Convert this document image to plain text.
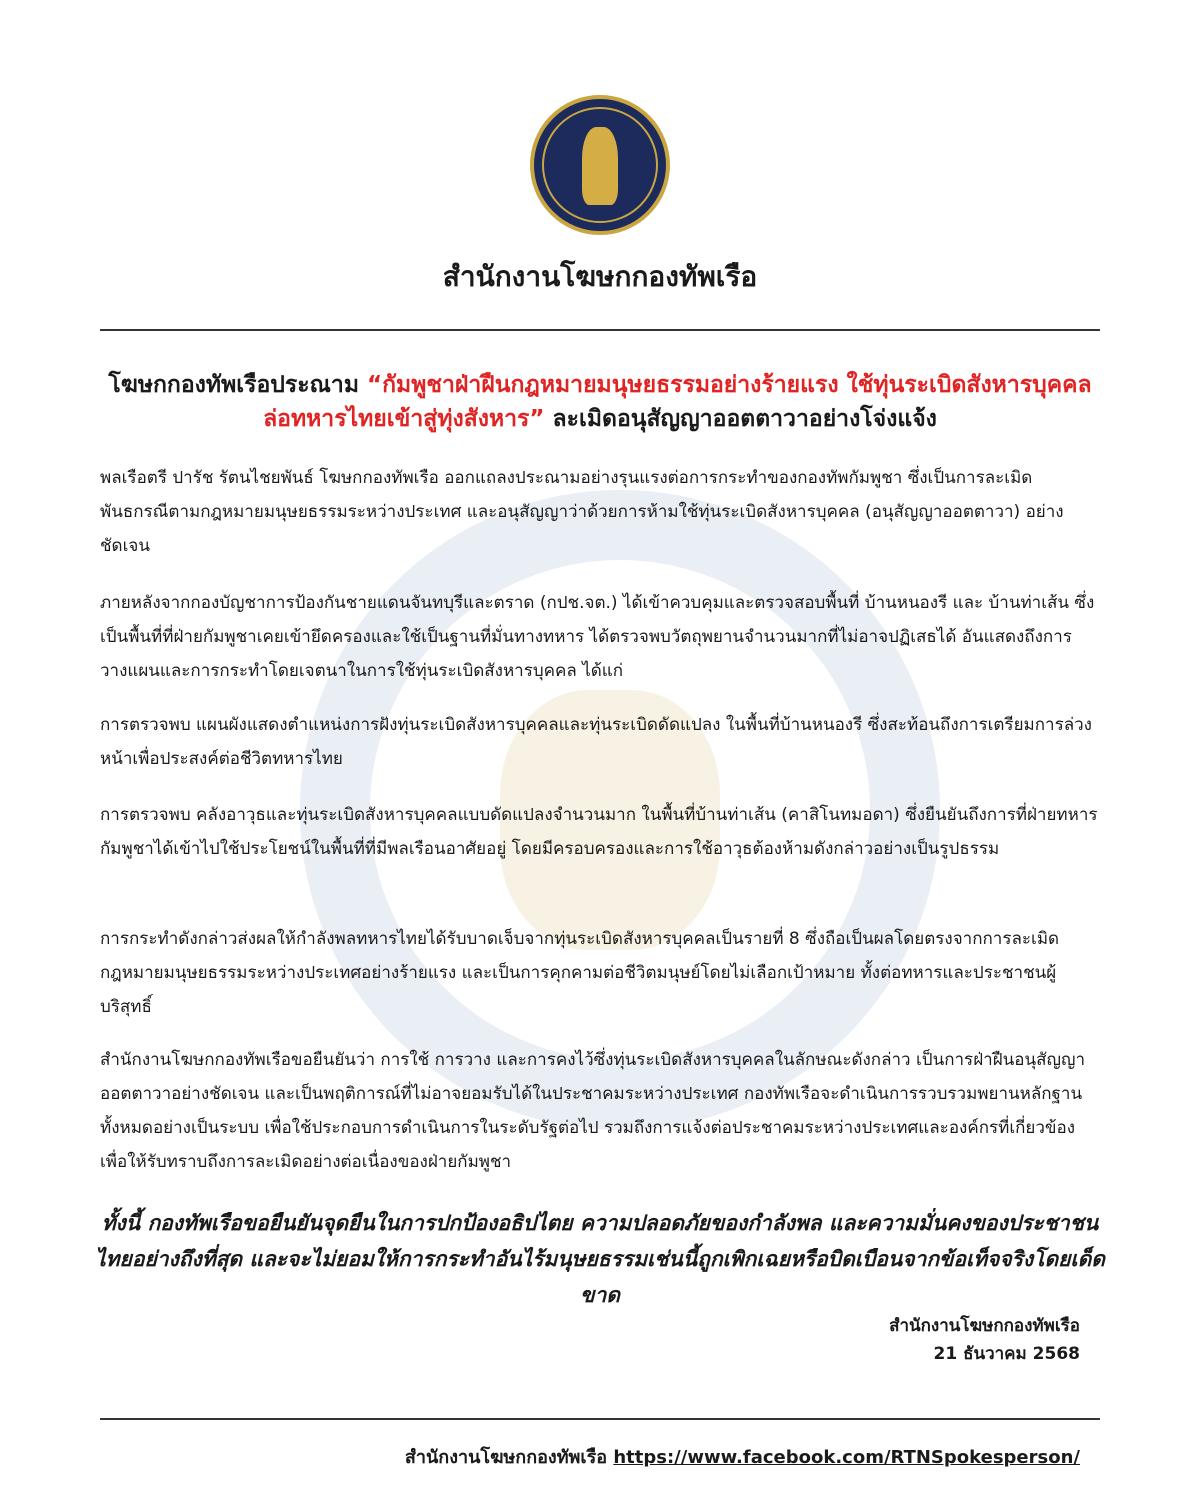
สำนักงานโฆษกกองทัพเรือ
โฆษกกองทัพเรือประณาม “กัมพูชาฝ่าฝืนกฎหมายมนุษยธรรมอย่างร้ายแรง ใช้ทุ่นระเบิดสังหารบุคคล ล่อทหารไทยเข้าสู่ทุ่งสังหาร” ละเมิดอนุสัญญาออตตาวาอย่างโจ่งแจ้ง
พลเรือตรี ปารัช รัตนไชยพันธ์ โฆษกกองทัพเรือ ออกแถลงประณามอย่างรุนแรงต่อการกระทำของกองทัพกัมพูชา ซึ่งเป็นการละเมิดพันธกรณีตามกฎหมายมนุษยธรรมระหว่างประเทศ และอนุสัญญาว่าด้วยการห้ามใช้ทุ่นระเบิดสังหารบุคคล (อนุสัญญาออตตาวา) อย่างชัดเจน
ภายหลังจากกองบัญชาการป้องกันชายแดนจันทบุรีและตราด (กปช.จต.) ได้เข้าควบคุมและตรวจสอบพื้นที่ บ้านหนองรี และ บ้านท่าเส้น ซึ่งเป็นพื้นที่ที่ฝ่ายกัมพูชาเคยเข้ายึดครองและใช้เป็นฐานที่มั่นทางทหาร ได้ตรวจพบวัตถุพยานจำนวนมากที่ไม่อาจปฏิเสธได้ อันแสดงถึงการวางแผนและการกระทำโดยเจตนาในการใช้ทุ่นระเบิดสังหารบุคคล ได้แก่
การตรวจพบ แผนผังแสดงตำแหน่งการฝังทุ่นระเบิดสังหารบุคคลและทุ่นระเบิดดัดแปลง ในพื้นที่บ้านหนองรี ซึ่งสะท้อนถึงการเตรียมการล่วงหน้าเพื่อประสงค์ต่อชีวิตทหารไทย
การตรวจพบ คลังอาวุธและทุ่นระเบิดสังหารบุคคลแบบดัดแปลงจำนวนมาก ในพื้นที่บ้านท่าเส้น (คาสิโนทมอดา) ซึ่งยืนยันถึงการที่ฝ่ายทหารกัมพูชาได้เข้าไปใช้ประโยชน์ในพื้นที่ที่มีพลเรือนอาศัยอยู่ โดยมีครอบครองและการใช้อาวุธต้องห้ามดังกล่าวอย่างเป็นรูปธรรม
การกระทำดังกล่าวส่งผลให้กำลังพลทหารไทยได้รับบาดเจ็บจากทุ่นระเบิดสังหารบุคคลเป็นรายที่ 8 ซึ่งถือเป็นผลโดยตรงจากการละเมิดกฎหมายมนุษยธรรมระหว่างประเทศอย่างร้ายแรง และเป็นการคุกคามต่อชีวิตมนุษย์โดยไม่เลือกเป้าหมาย ทั้งต่อทหารและประชาชนผู้บริสุทธิ์
สำนักงานโฆษกกองทัพเรือขอยืนยันว่า การใช้ การวาง และการคงไว้ซึ่งทุ่นระเบิดสังหารบุคคลในลักษณะดังกล่าว เป็นการฝ่าฝืนอนุสัญญาออตตาวาอย่างชัดเจน และเป็นพฤติการณ์ที่ไม่อาจยอมรับได้ในประชาคมระหว่างประเทศ กองทัพเรือจะดำเนินการรวบรวมพยานหลักฐานทั้งหมดอย่างเป็นระบบ เพื่อใช้ประกอบการดำเนินการในระดับรัฐต่อไป รวมถึงการแจ้งต่อประชาคมระหว่างประเทศและองค์กรที่เกี่ยวข้อง เพื่อให้รับทราบถึงการละเมิดอย่างต่อเนื่องของฝ่ายกัมพูชา
ทั้งนี้ กองทัพเรือขอยืนยันจุดยืนในการปกป้องอธิปไตย ความปลอดภัยของกำลังพล และความมั่นคงของประชาชนไทยอย่างถึงที่สุด และจะไม่ยอมให้การกระทำอันไร้มนุษยธรรมเช่นนี้ถูกเพิกเฉยหรือบิดเบือนจากข้อเท็จจริงโดยเด็ดขาด
สำนักงานโฆษกกองทัพเรือ
21 ธันวาคม 2568
สำนักงานโฆษกกองทัพเรือ https://www.facebook.com/RTNSpokesperson/
